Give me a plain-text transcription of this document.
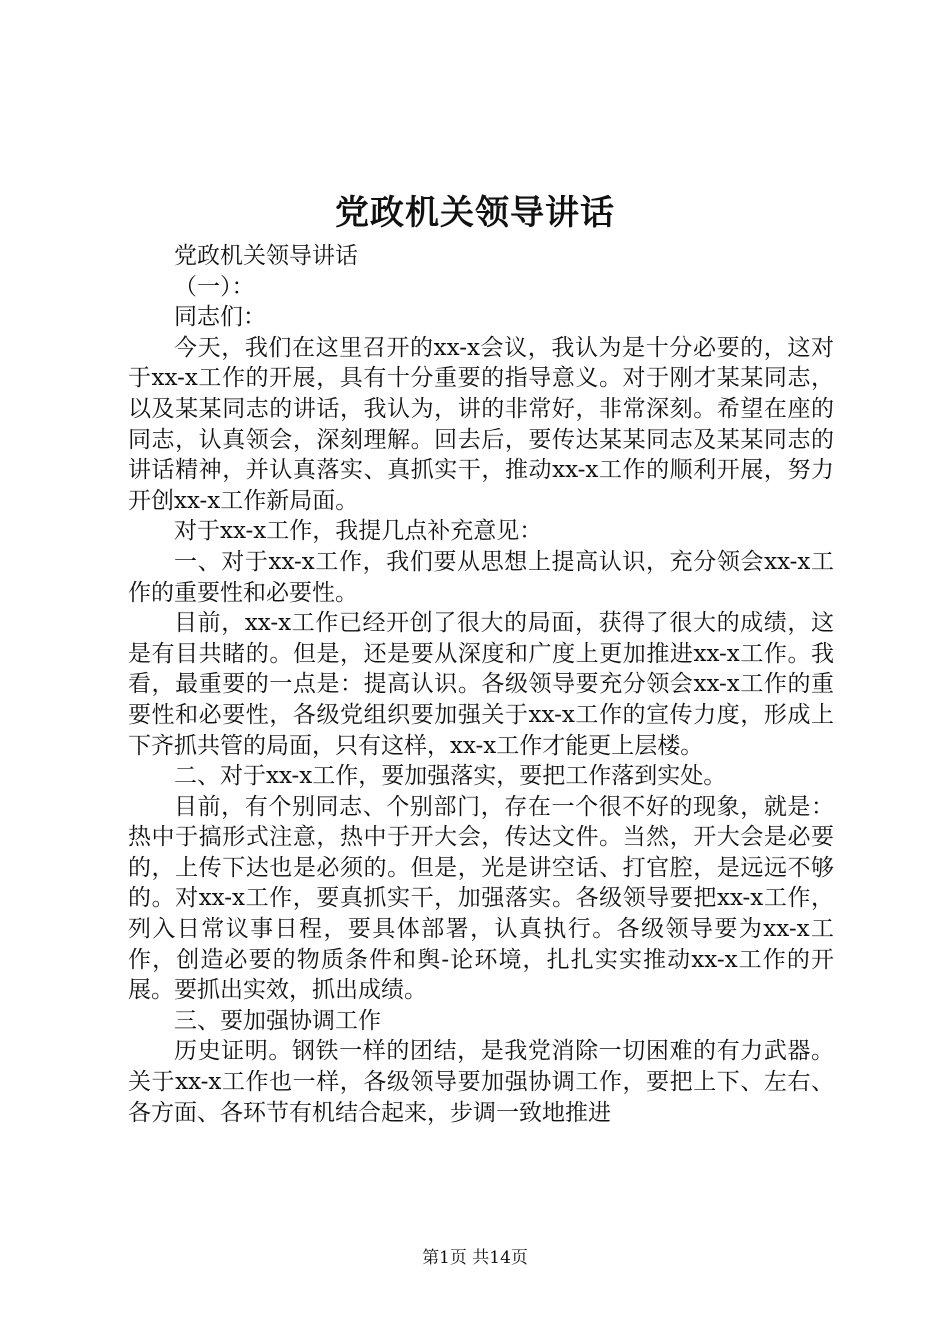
党政机关领导讲话

党政机关领导讲话

（一）：

同志们：

今天，我们在这里召开的xx-x会议，我认为是十分必要的，这对于xx-x工作的开展，具有十分重要的指导意义。对于刚才某某同志，以及某某同志的讲话，我认为，讲的非常好，非常深刻。希望在座的同志，认真领会，深刻理解。回去后，要传达某某同志及某某同志的讲话精神，并认真落实、真抓实干，推动xx-x工作的顺利开展，努力开创xx-x工作新局面。

对于xx-x工作，我提几点补充意见：

一、对于xx-x工作，我们要从思想上提高认识，充分领会xx-x工作的重要性和必要性。

目前，xx-x工作已经开创了很大的局面，获得了很大的成绩，这是有目共睹的。但是，还是要从深度和广度上更加推进xx-x工作。我看，最重要的一点是：提高认识。各级领导要充分领会xx-x工作的重要性和必要性，各级党组织要加强关于xx-x工作的宣传力度，形成上下齐抓共管的局面，只有这样，xx-x工作才能更上层楼。

二、对于xx-x工作，要加强落实，要把工作落到实处。

目前，有个别同志、个别部门，存在一个很不好的现象，就是：热中于搞形式注意，热中于开大会，传达文件。当然，开大会是必要的，上传下达也是必须的。但是，光是讲空话、打官腔，是远远不够的。对xx-x工作，要真抓实干，加强落实。各级领导要把xx-x工作，列入日常议事日程，要具体部署，认真执行。各级领导要为xx-x工作，创造必要的物质条件和舆-论环境，扎扎实实推动xx-x工作的开展。要抓出实效，抓出成绩。

三、要加强协调工作

历史证明。钢铁一样的团结，是我党消除一切困难的有力武器。关于xx-x工作也一样，各级领导要加强协调工作，要把上下、左右、各方面、各环节有机结合起来，步调一致地推进

第1页 共14页
